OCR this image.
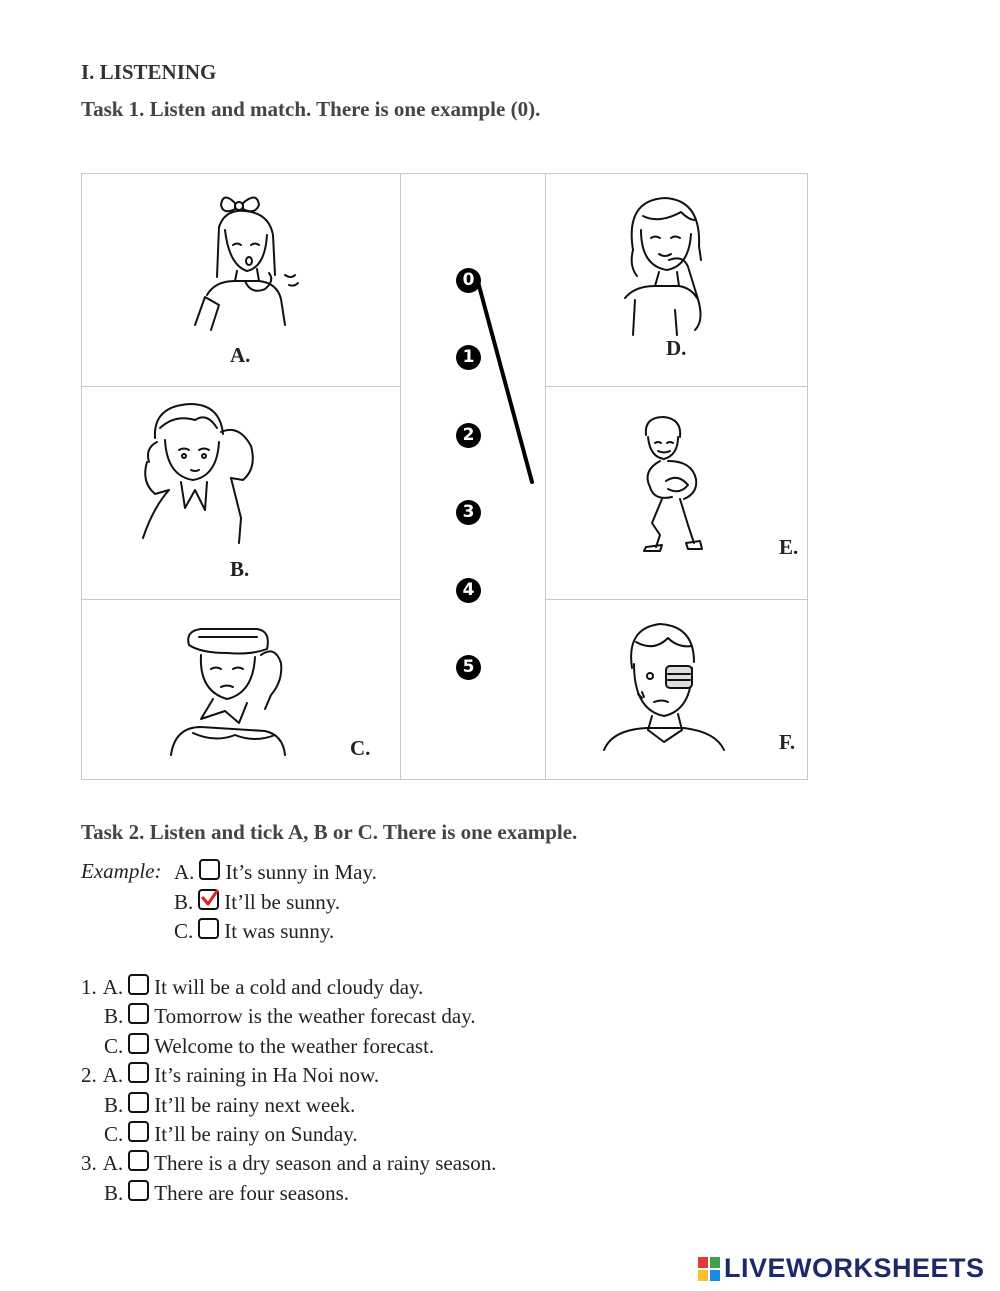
I. LISTENING
Task 1. Listen and match. There is one example (0).
A.
B.
C.
D.
E.
F.
0
1
2
3
4
5
Task 2. Listen and tick A, B or C. There is one example.
Example: A. It’s sunny in May.
B. It’ll be sunny.
C. It was sunny.
1. A. It will be a cold and cloudy day.
B. Tomorrow is the weather forecast day.
C. Welcome to the weather forecast.
2. A. It’s raining in Ha Noi now.
B. It’ll be rainy next week.
C. It’ll be rainy on Sunday.
3. A. There is a dry season and a rainy season.
B. There are four seasons.
LIVEWORKSHEETS
